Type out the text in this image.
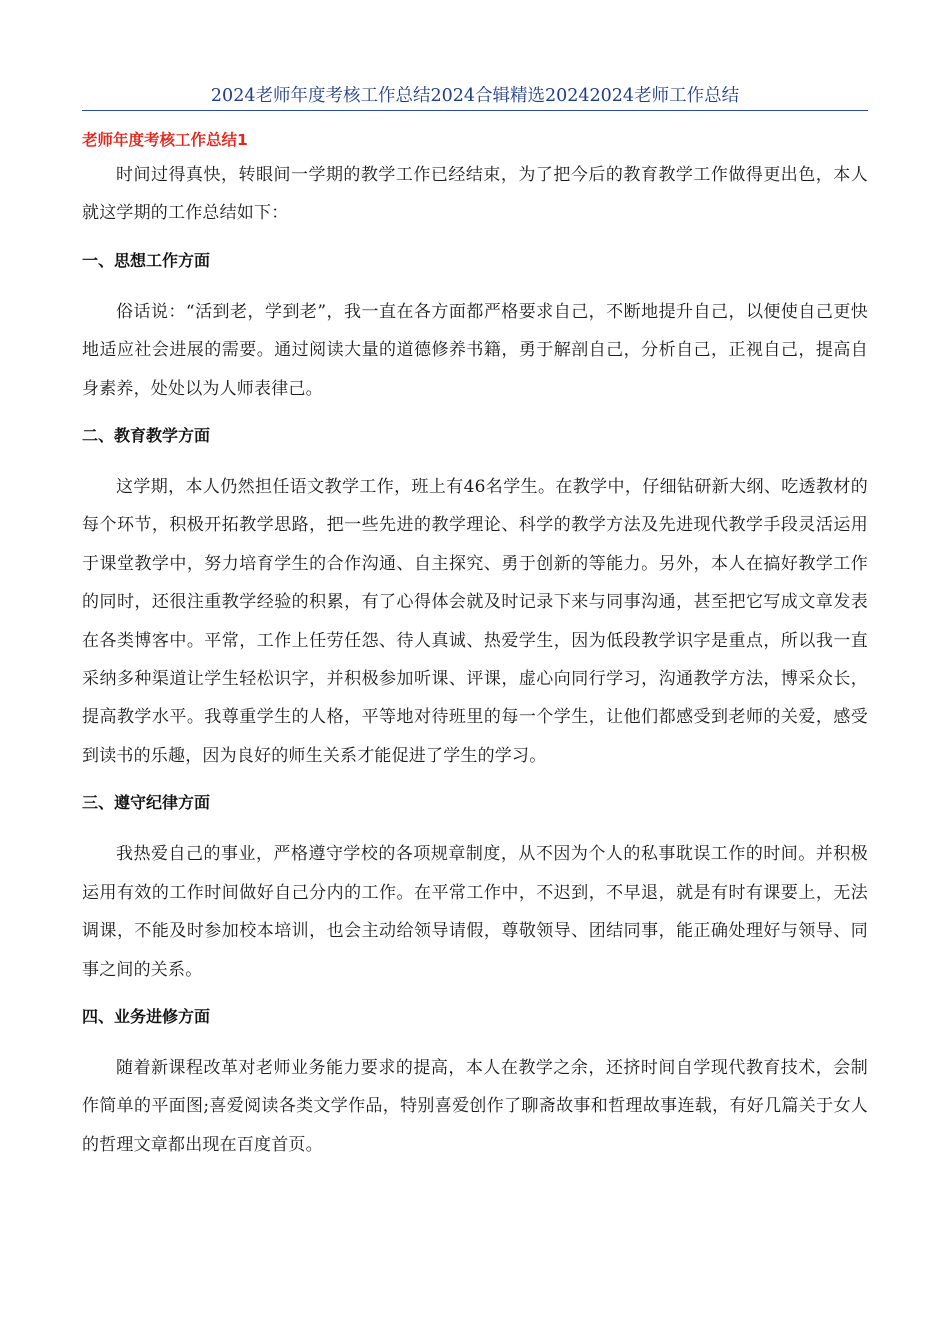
2024老师年度考核工作总结2024合辑精选20242024老师工作总结
老师年度考核工作总结1

时间过得真快，转眼间一学期的教学工作已经结束，为了把今后的教育教学工作做得更出色，本人就这学期的工作总结如下：

一、思想工作方面

俗话说：“活到老，学到老”，我一直在各方面都严格要求自己，不断地提升自己，以便使自己更快地适应社会进展的需要。通过阅读大量的道德修养书籍，勇于解剖自己，分析自己，正视自己，提高自身素养，处处以为人师表律己。

二、教育教学方面

这学期，本人仍然担任语文教学工作，班上有46名学生。在教学中，仔细钻研新大纲、吃透教材的每个环节，积极开拓教学思路，把一些先进的教学理论、科学的教学方法及先进现代教学手段灵活运用于课堂教学中，努力培育学生的合作沟通、自主探究、勇于创新的等能力。另外，本人在搞好教学工作的同时，还很注重教学经验的积累，有了心得体会就及时记录下来与同事沟通，甚至把它写成文章发表在各类博客中。平常，工作上任劳任怨、待人真诚、热爱学生，因为低段教学识字是重点，所以我一直采纳多种渠道让学生轻松识字，并积极参加听课、评课，虚心向同行学习，沟通教学方法，博采众长，提高教学水平。我尊重学生的人格，平等地对待班里的每一个学生，让他们都感受到老师的关爱，感受到读书的乐趣，因为良好的师生关系才能促进了学生的学习。

三、遵守纪律方面

我热爱自己的事业，严格遵守学校的各项规章制度，从不因为个人的私事耽误工作的时间。并积极运用有效的工作时间做好自己分内的工作。在平常工作中，不迟到，不早退，就是有时有课要上，无法调课，不能及时参加校本培训，也会主动给领导请假，尊敬领导、团结同事，能正确处理好与领导、同事之间的关系。

四、业务进修方面

随着新课程改革对老师业务能力要求的提高，本人在教学之余，还挤时间自学现代教育技术，会制作简单的平面图;喜爱阅读各类文学作品，特别喜爱创作了聊斋故事和哲理故事连载，有好几篇关于女人的哲理文章都出现在百度首页。
